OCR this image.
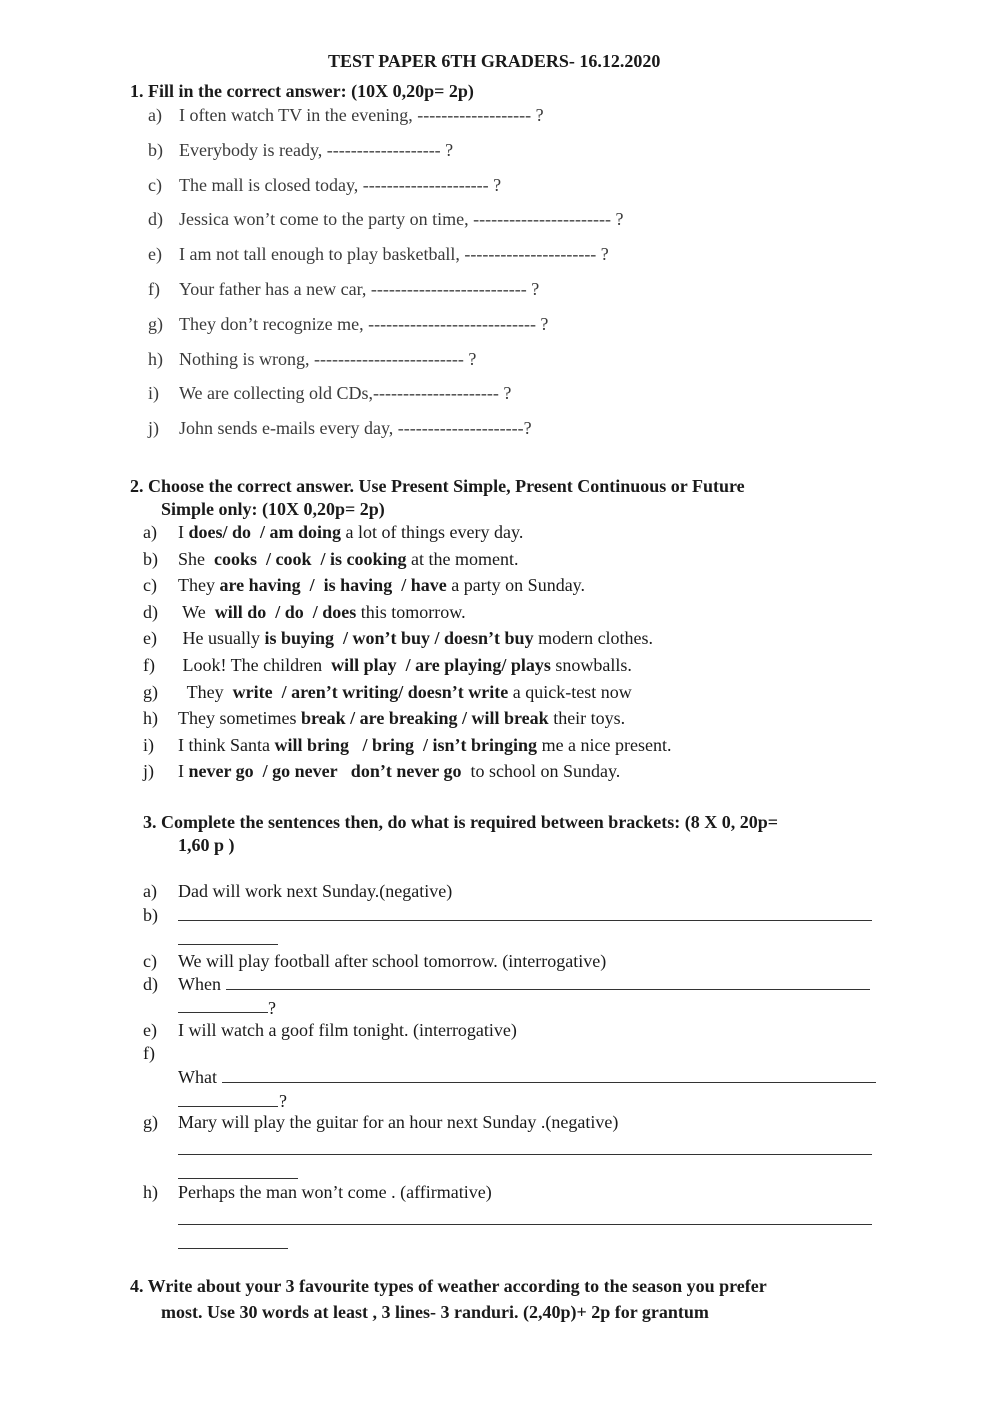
TEST PAPER 6TH GRADERS- 16.12.2020
1. Fill in the correct answer: (10X 0,20p= 2p)
a) I often watch TV in the evening, ------------------- ?
b) Everybody is ready, ------------------- ?
c) The mall is closed today, --------------------- ?
d) Jessica won’t come to the party on time, ----------------------- ?
e) I am not tall enough to play basketball, ---------------------- ?
f) Your father has a new car, -------------------------- ?
g) They don’t recognize me, ---------------------------- ?
h) Nothing is wrong, ------------------------- ?
i) We are collecting old CDs,--------------------- ?
j) John sends e-mails every day, ---------------------?
2. Choose the correct answer. Use Present Simple, Present Continuous or Future
Simple only: (10X 0,20p= 2p)
a) I does/ do  / am doing a lot of things every day.
b) She  cooks  / cook  / is cooking at the moment.
c) They are having  /  is having  / have a party on Sunday.
d) We  will do  / do  / does this tomorrow.
e) He usually is buying  / won’t buy / doesn’t buy modern clothes.
f) Look! The children  will play  / are playing/ plays snowballs.
g) They  write  / aren’t writing/ doesn’t write a quick-test now
h) They sometimes break / are breaking / will break their toys.
i) I think Santa will bring   / bring  / isn’t bringing me a nice present.
j) I never go  / go never   don’t never go  to school on Sunday.
3. Complete the sentences then, do what is required between brackets: (8 X 0, 20p=
1,60 p )
a) Dad will work next Sunday.(negative)
b)
c) We will play football after school tomorrow. (interrogative)
d) When
?
e) I will watch a goof film tonight. (interrogative)
f)
What
?
g) Mary will play the guitar for an hour next Sunday .(negative)
h) Perhaps the man won’t come . (affirmative)
4. Write about your 3 favourite types of weather according to the season you prefer
most. Use 30 words at least , 3 lines- 3 randuri. (2,40p)+ 2p for grantum
